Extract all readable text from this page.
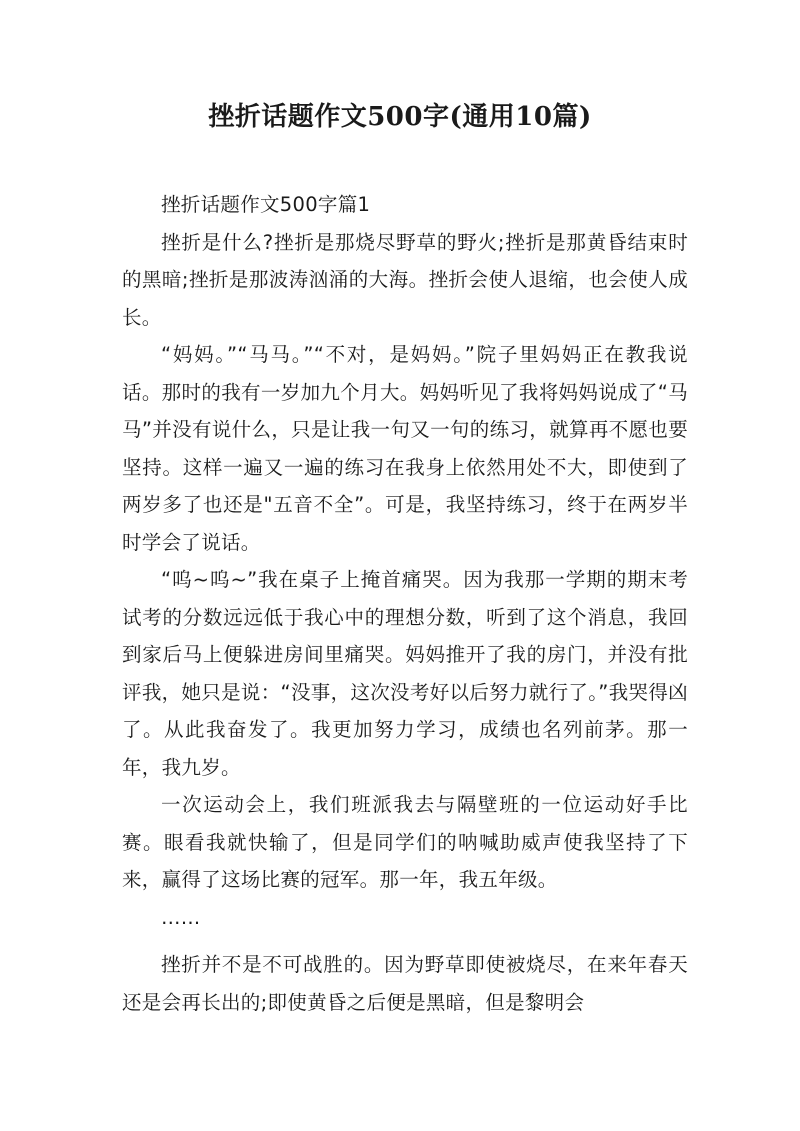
挫折话题作文500字(通用10篇)

挫折话题作文500字篇1

挫折是什么?挫折是那烧尽野草的野火;挫折是那黄昏结束时的黑暗;挫折是那波涛汹涌的大海。挫折会使人退缩，也会使人成长。

“妈妈。”“马马。”“不对，是妈妈。”院子里妈妈正在教我说话。那时的我有一岁加九个月大。妈妈听见了我将妈妈说成了“马马”并没有说什么，只是让我一句又一句的练习，就算再不愿也要坚持。这样一遍又一遍的练习在我身上依然用处不大，即使到了两岁多了也还是"五音不全”。可是，我坚持练习，终于在两岁半时学会了说话。

“呜~呜~”我在桌子上掩首痛哭。因为我那一学期的期末考试考的分数远远低于我心中的理想分数，听到了这个消息，我回到家后马上便躲进房间里痛哭。妈妈推开了我的房门，并没有批评我，她只是说：“没事，这次没考好以后努力就行了。”我哭得凶了。从此我奋发了。我更加努力学习，成绩也名列前茅。那一年，我九岁。

一次运动会上，我们班派我去与隔壁班的一位运动好手比赛。眼看我就快输了，但是同学们的呐喊助威声使我坚持了下来，赢得了这场比赛的冠军。那一年，我五年级。

……

挫折并不是不可战胜的。因为野草即使被烧尽，在来年春天还是会再长出的;即使黄昏之后便是黑暗，但是黎明会
